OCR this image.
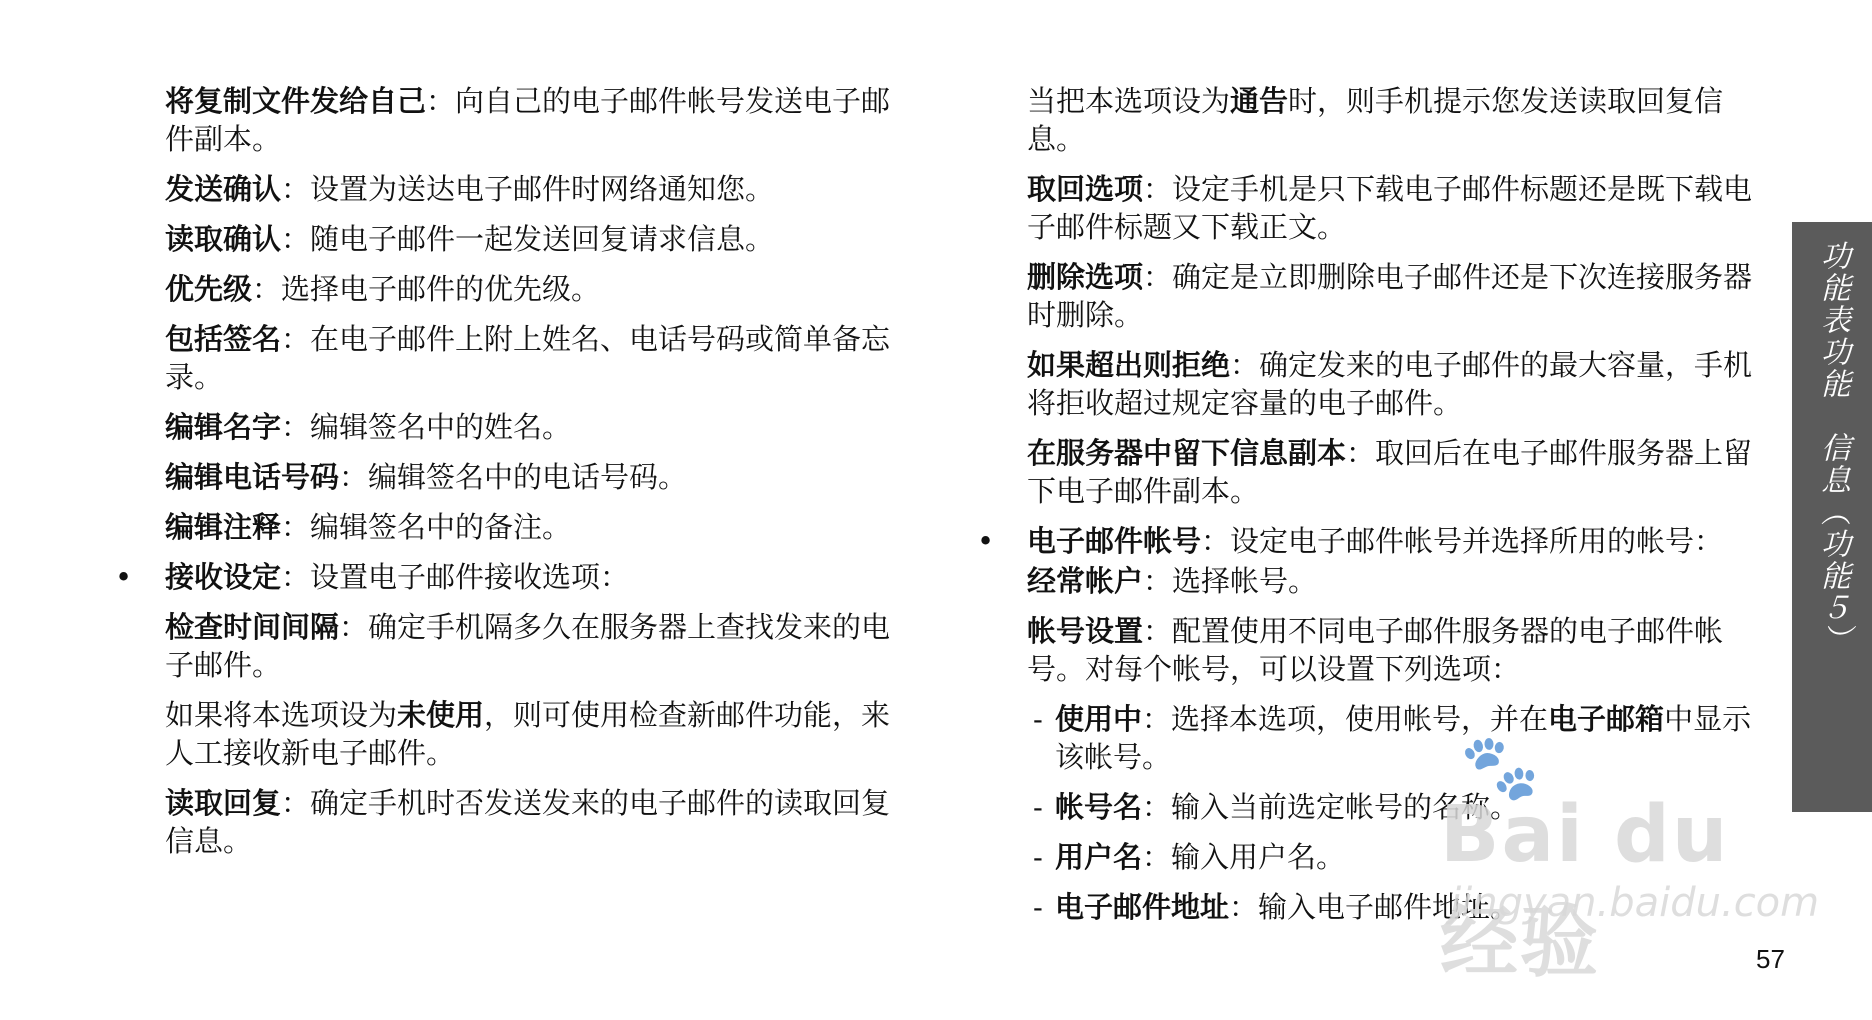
将复制文件发给自己：向自己的电子邮件帐号发送电子邮件副本。

发送确认：设置为送达电子邮件时网络通知您。

读取确认：随电子邮件一起发送回复请求信息。

优先级：选择电子邮件的优先级。

包括签名：在电子邮件上附上姓名、电话号码或简单备忘录。

编辑名字：编辑签名中的姓名。

编辑电话号码：编辑签名中的电话号码。

编辑注释：编辑签名中的备注。

• 接收设定：设置电子邮件接收选项：

检查时间间隔：确定手机隔多久在服务器上查找发来的电子邮件。

如果将本选项设为未使用，则可使用检查新邮件功能，来人工接收新电子邮件。

读取回复：确定手机时否发送发来的电子邮件的读取回复信息。

当把本选项设为通告时，则手机提示您发送读取回复信息。

取回选项：设定手机是只下载电子邮件标题还是既下载电子邮件标题又下载正文。

删除选项：确定是立即删除电子邮件还是下次连接服务器时删除。

如果超出则拒绝：确定发来的电子邮件的最大容量，手机将拒收超过规定容量的电子邮件。

在服务器中留下信息副本：取回后在电子邮件服务器上留下电子邮件副本。

• 电子邮件帐号：设定电子邮件帐号并选择所用的帐号：

经常帐户：选择帐号。

帐号设置：配置使用不同电子邮件服务器的电子邮件帐号。对每个帐号，可以设置下列选项：

- 使用中：选择本选项，使用帐号，并在电子邮箱中显示该帐号。

- 帐号名：输入当前选定帐号的名称。

- 用户名：输入用户名。

- 电子邮件地址：输入电子邮件地址。

功能表功能　信息（功能５）
🐾
Bai du 经验
jingyan.baidu.com
57
